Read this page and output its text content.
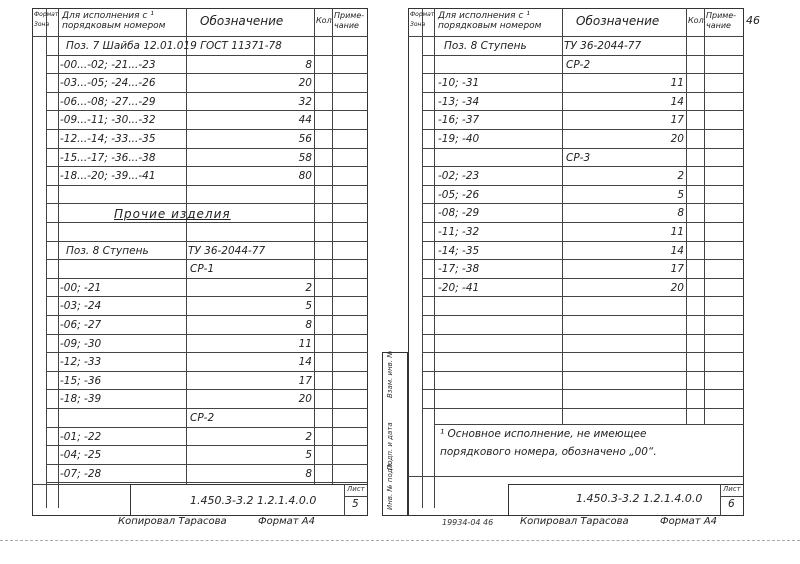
Формат Зона
Для исполнения с ¹ порядковым номером	Обозначение	Кол.
Приме-чание
Поз. 7 Шайба 12.01.019 ГОСТ 11371-78
-00...-02; -21...-23	8
-03...-05; -24...-26	20
-06...-08; -27...-29	32
-09...-11; -30...-32	44
-12...-14; -33...-35	56
-15...-17; -36...-38	58
-18...-20; -39...-41	80
Прочие изделия
Поз. 8 Ступень	ТУ 36-2044-77
СР-1
-00; -21	2
-03; -24	5
-06; -27	8
-09; -30	11
-12; -33	14
-15; -36	17
-18; -39	20
СР-2
-01; -22	2
-04; -25	5
-07; -28	8
1.450.3-3.2 1.2.1.4.0.0
Лист
5
Копировал Тарасова	Формат А4
Формат Зона
Для исполнения с ¹ порядковым номером	Обозначение	Кол.
Приме-чание	46
Поз. 8 Ступень	ТУ 36-2044-77
СР-2
-10; -31	11
-13; -34	14
-16; -37	17
-19; -40	20
СР-3
-02; -23	2
-05; -26	5
-08; -29	8
-11; -32	11
-14; -35	14
-17; -38	17
-20; -41	20
¹ Основное исполнение, не имеющее
порядкового номера, обозначено „00“.
Инв. № подл.
Подп. и дата
Взам. инв. №
1.450.3-3.2 1.2.1.4.0.0
Лист
6
19934-04 46	Копировал Тарасова	Формат А4
